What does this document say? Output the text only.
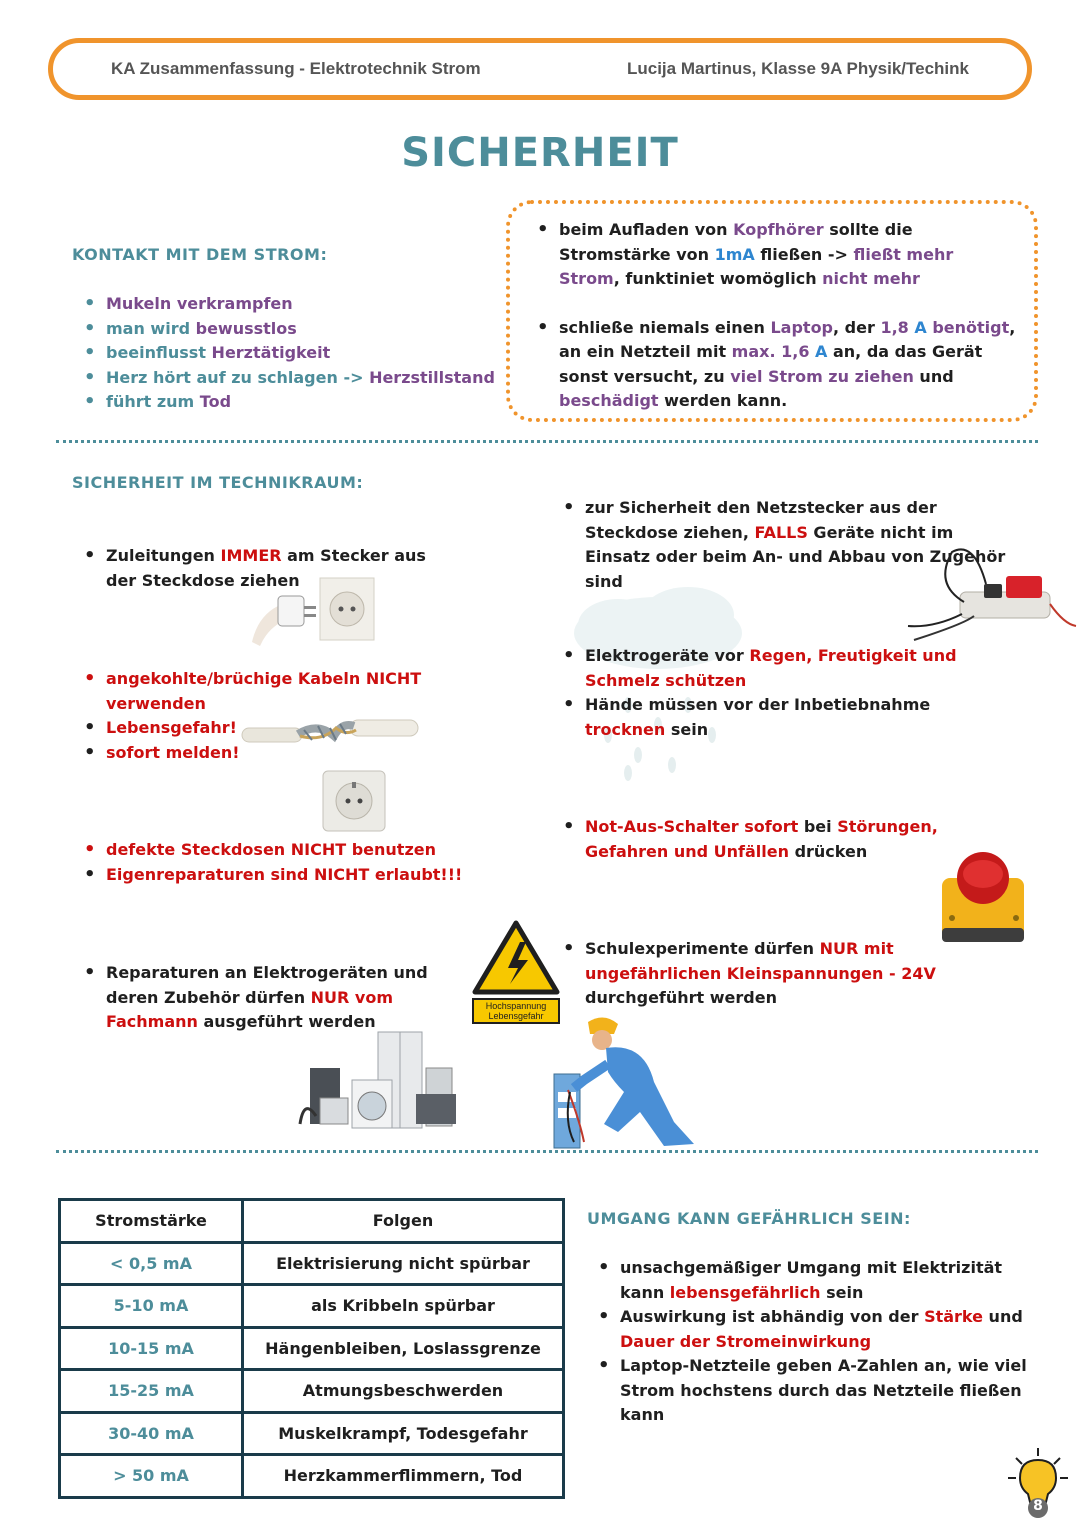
KA Zusammenfassung - Elektrotechnik Strom	Lucija Martinus, Klasse 9A Physik/Techink
SICHERHEIT
KONTAKT MIT DEM STROM:
• Mukeln verkrampfen
• man wird bewusstlos
• beeinflusst Herztätigkeit
• Herz hört auf zu schlagen -> Herzstillstand
• führt zum Tod
• beim Aufladen von Kopfhörer sollte die Stromstärke von 1mA fließen -> fließt mehr Strom, funktiniet womöglich nicht mehr
• schließe niemals einen Laptop, der 1,8 A benötigt, an ein Netzteil mit max. 1,6 A an, da das Gerät sonst versucht, zu viel Strom zu ziehen und beschädigt werden kann.
SICHERHEIT IM TECHNIKRAUM:
• Zuleitungen IMMER am Stecker aus der Steckdose ziehen
• angekohlte/brüchige Kabeln NICHT verwenden
• Lebensgefahr!
• sofort melden!
• defekte Steckdosen NICHT benutzen
• Eigenreparaturen sind NICHT erlaubt!!!
• Reparaturen an Elektrogeräten und deren Zubehör dürfen NUR vom Fachmann ausgeführt werden
Hochspannung Lebensgefahr
• zur Sicherheit den Netzstecker aus der Steckdose ziehen, FALLS Geräte nicht im Einsatz oder beim An- und Abbau von Zugehör sind
• Elektrogeräte vor Regen, Freutigkeit und Schmelz schützen
• Hände müssen vor der Inbetiebnahme trocknen sein
• Not-Aus-Schalter sofort bei Störungen, Gefahren und Unfällen drücken
• Schulexperimente dürfen NUR mit ungefährlichen Kleinspannungen - 24V durchgeführt werden
Stromstärke	Folgen
< 0,5 mA	Elektrisierung nicht spürbar
5-10 mA	als Kribbeln spürbar
10-15 mA	Hängenbleiben, Loslassgrenze
15-25 mA	Atmungsbeschwerden
30-40 mA	Muskelkrampf, Todesgefahr
> 50 mA	Herzkammerflimmern, Tod
UMGANG KANN GEFÄHRLICH SEIN:
• unsachgemäßiger Umgang mit Elektrizität kann lebensgefährlich sein
• Auswirkung ist abhändig von der Stärke und Dauer der Stromeinwirkung
• Laptop-Netzteile geben A-Zahlen an, wie viel Strom hochstens durch das Netzteile fließen kann
8
